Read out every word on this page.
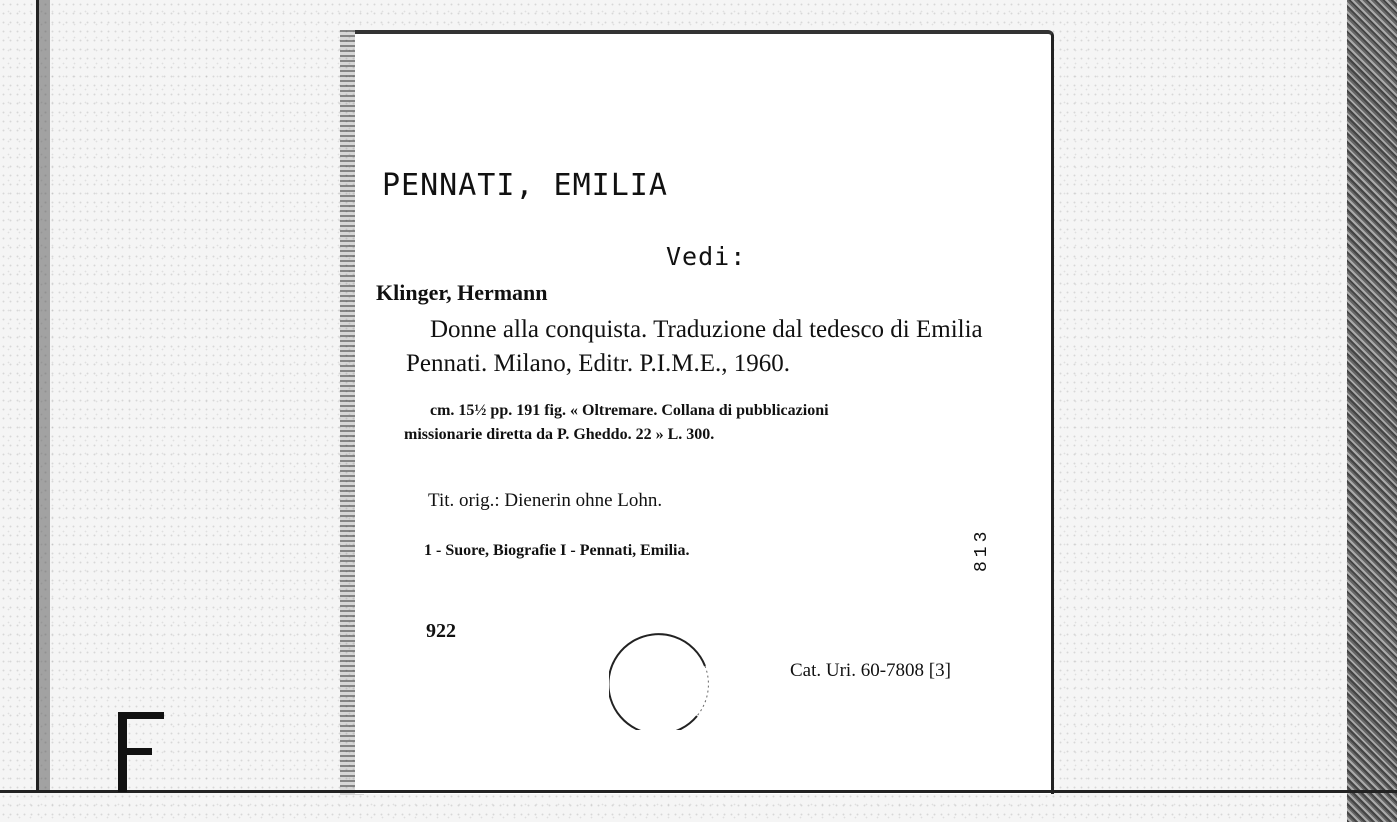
PENNATI, EMILIA
Vedi:
Klinger, Hermann
Donne alla conquista. Traduzione dal tedesco di Emilia
Pennati. Milano, Editr. P.I.M.E., 1960.
cm. 15½ pp. 191 fig. « Oltremare. Collana di pubblicazioni
missionarie diretta da P. Gheddo. 22 » L. 300.
Tit. orig.: Dienerin ohne Lohn.
1 - Suore, Biografie I - Pennati, Emilia.	813
922
Cat. Uri. 60-7808 [3]
